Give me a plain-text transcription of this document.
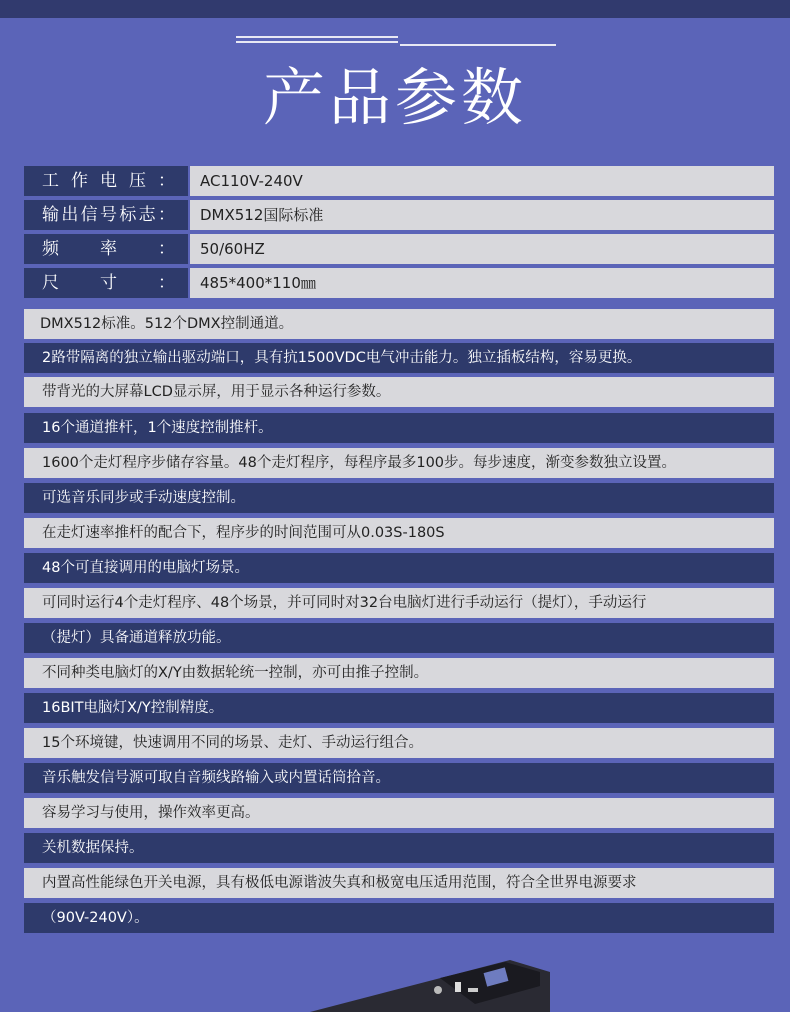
产品参数
工作电压：	AC110V-240V
输出信号标志：	DMX512国际标准
频率：	50/60HZ
尺寸：	485*400*110㎜
DMX512标准。512个DMX控制通道。
2路带隔离的独立输出驱动端口，具有抗1500VDC电气冲击能力。独立插板结构，容易更换。
带背光的大屏幕LCD显示屏，用于显示各种运行参数。
16个通道推杆，1个速度控制推杆。
1600个走灯程序步储存容量。48个走灯程序，每程序最多100步。每步速度，渐变参数独立设置。
可选音乐同步或手动速度控制。
在走灯速率推杆的配合下，程序步的时间范围可从0.03S-180S
48个可直接调用的电脑灯场景。
可同时运行4个走灯程序、48个场景，并可同时对32台电脑灯进行手动运行（提灯），手动运行
（提灯）具备通道释放功能。
不同种类电脑灯的X/Y由数据轮统一控制，亦可由推子控制。
16BIT电脑灯X/Y控制精度。
15个环境键，快速调用不同的场景、走灯、手动运行组合。
音乐触发信号源可取自音频线路输入或内置话筒拾音。
容易学习与使用，操作效率更高。
关机数据保持。
内置高性能绿色开关电源，具有极低电源谐波失真和极宽电压适用范围，符合全世界电源要求
（90V-240V）。
